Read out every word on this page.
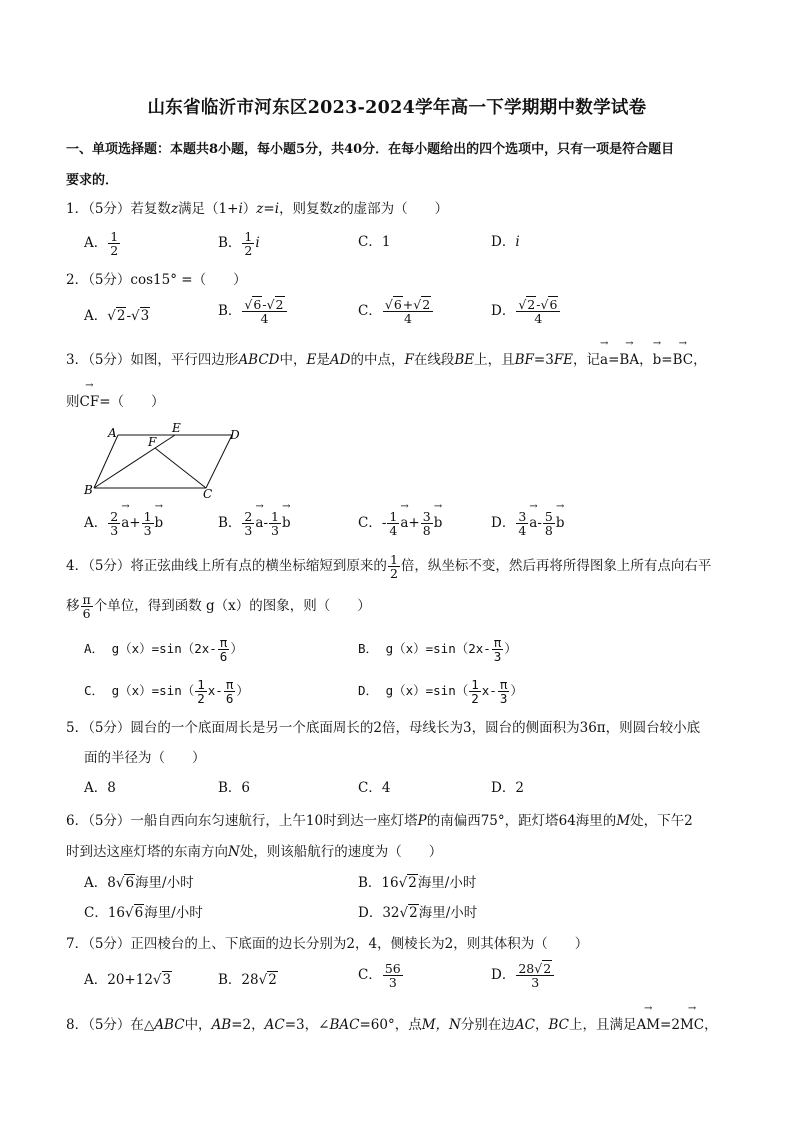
山东省临沂市河东区2023-2024学年高一下学期期中数学试卷
一、单项选择题：本题共8小题，每小题5分，共40分．在每小题给出的四个选项中，只有一项是符合题目
要求的．
1．（5分）若复数z满足（1+i）z=i，则复数z的虚部为（　　）
A． $\frac{1}{2}$	B． $\frac{1}{2}$ i	C．1	D．i
2．（5分）cos15° =（　　）
A．√ 2-√ 3	B．
√ $\frac{6-√ 2}{4}$	C．
√ $\frac{6+√ 2}{4}$	D．
√ $\frac{2-√ 6}{4}$
3．（5分）如图，平行四边形ABCD中，E是AD的中点，F在线段BE上，且BF=3FE，记→ a=→ BA，→ b=→ BC，
则→ CF=（　　）
A	E
F	D
B	C
A． $\frac{2}{3}$
→ $a+ \frac{1}{3}$
→ b	B． $\frac{2}{3}$
→ $a- \frac{1}{3}$
→ b	C．- $\frac{1}{4}$
→ $a+ \frac{3}{8}$
→ b	D． $\frac{3}{4}$
→ $a- \frac{5}{8}$
→ b
4．（5分）将正弦曲线上所有点的横坐标缩短到原来的 $\frac{1}{2}$ 倍，纵坐标不变，然后再将所得图象上所有点向右平
移 $\frac{\pi}{6}$ 个单位，得到函数 g（x）的图象，则（　　）
A． $g(x)=\sin(2x- \frac{\pi}{6}$ ）	B． $g(x)=\sin(2x- \frac{\pi}{3}$ ）
C． $g(x)=\sin( \frac{1}{2} x- \frac{\pi}{6}$ ）	D． $g(x)=\sin( \frac{1}{2} x- \frac{\pi}{3}$ ）
5．（5分）圆台的一个底面周长是另一个底面周长的2倍，母线长为3，圆台的侧面积为36π，则圆台较小底
面的半径为（　　）
A．8	B．6	C．4	D．2
6．（5分）一船自西向东匀速航行，上午10时到达一座灯塔P的南偏西75°，距灯塔64海里的M处，下午2
时到达这座灯塔的东南方向N处，则该船航行的速度为（　　）
A．8√ 6海里/小时	B．16√ 2海里/小时
C．16√ 6海里/小时	D．32√ 2海里/小时
7．（5分）正四棱台的上、下底面的边长分别为2，4，侧棱长为2，则其体积为（　　）
A．20+12√ 3	B．28√ 2	C． $\frac{56}{3}$	D． $\frac{28√ 2}{3}$
8．（5分）在△ABC中，AB=2，AC=3，∠BAC=60°，点M，N分别在边AC，BC上，且满足→ AM=2→ MC，
